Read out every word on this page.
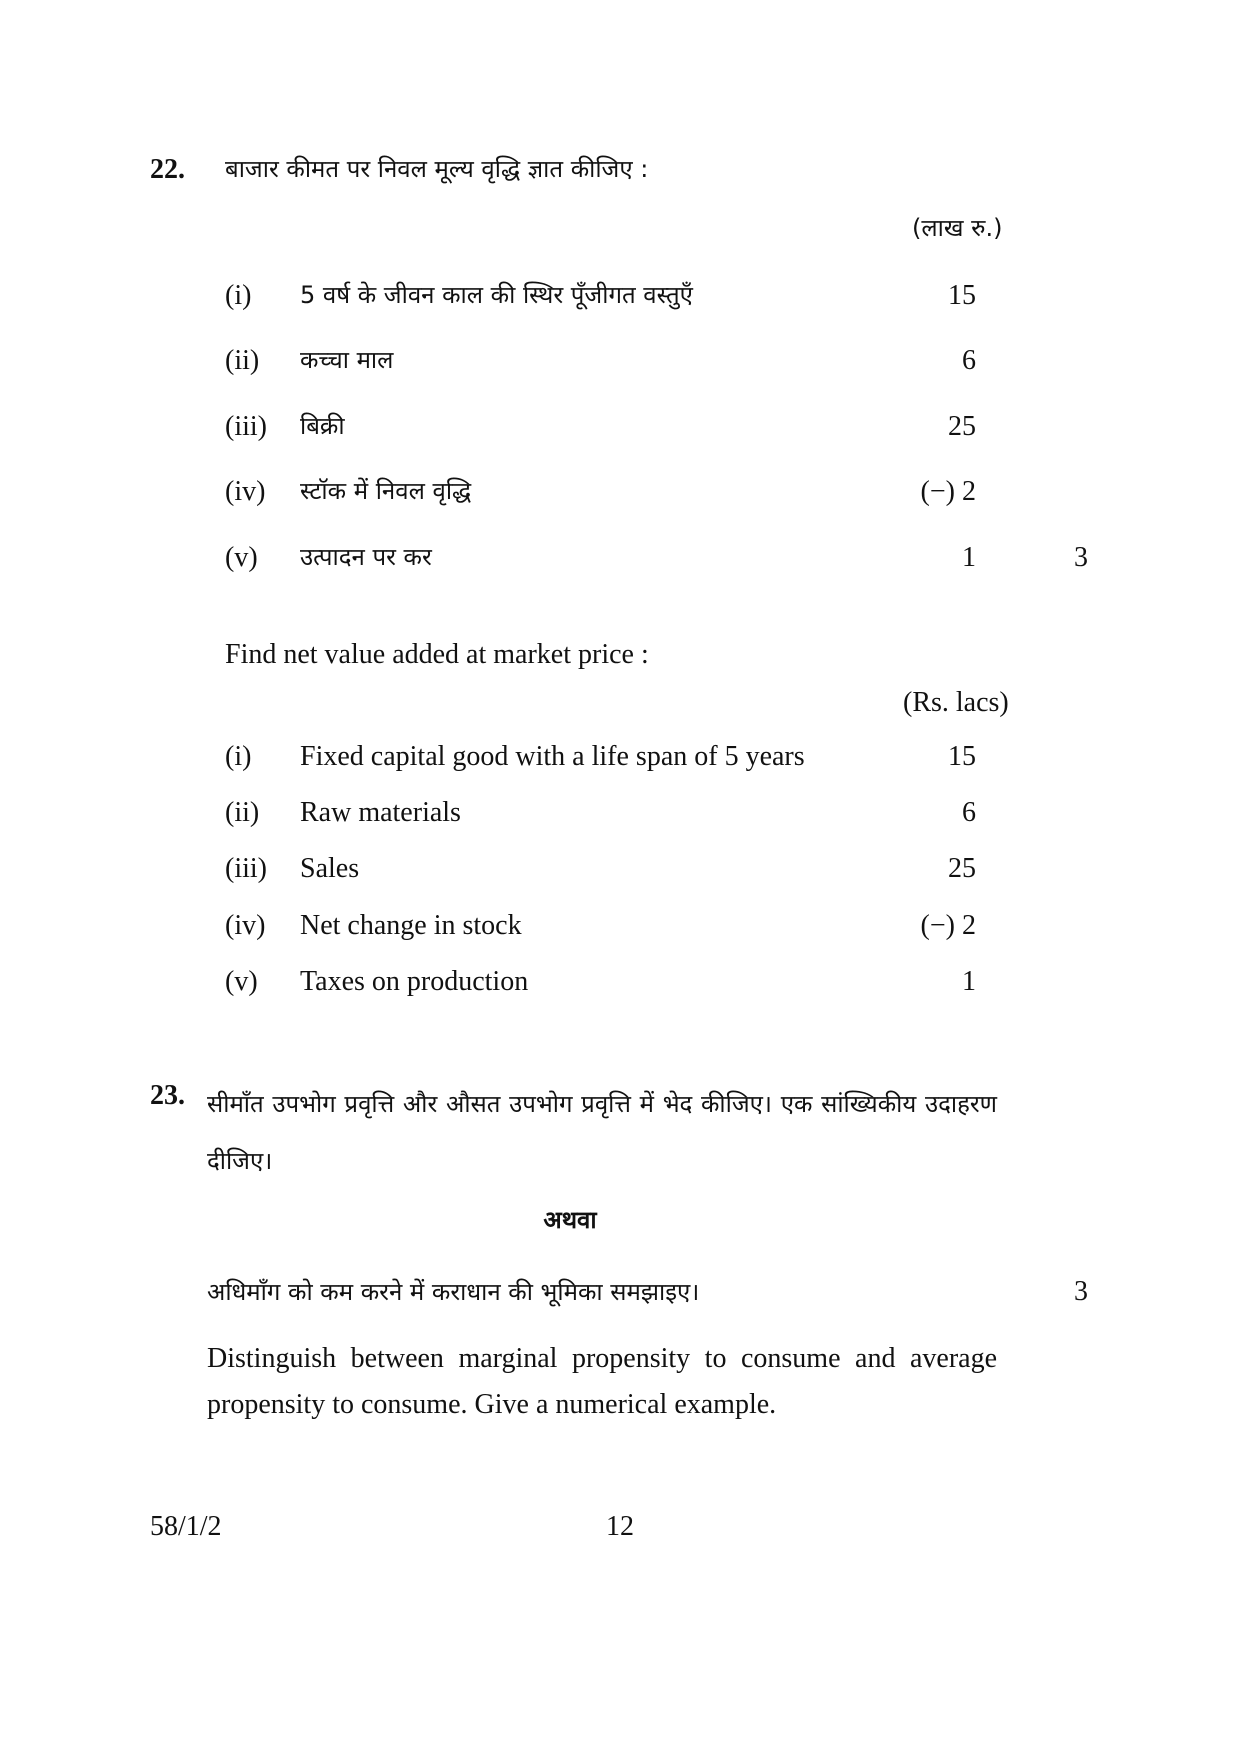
22. बाजार कीमत पर निवल मूल्य वृद्धि ज्ञात कीजिए :
(लाख रु.)
(i) 5 वर्ष के जीवन काल की स्थिर पूँजीगत वस्तुएँ	15
(ii) कच्चा माल	6
(iii) बिक्री	25
(iv) स्टॉक में निवल वृद्धि	(−) 2
(v) उत्पादन पर कर	1	3
Find net value added at market price :
(Rs. lacs)
(i) Fixed capital good with a life span of 5 years	15
(ii) Raw materials	6
(iii) Sales	25
(iv) Net change in stock	(−) 2
(v) Taxes on production	1
23. सीमाँत उपभोग प्रवृत्ति और औसत उपभोग प्रवृत्ति में भेद कीजिए। एक सांख्यिकीय उदाहरण दीजिए।
अथवा
अधिमाँग को कम करने में कराधान की भूमिका समझाइए।	3
Distinguish between marginal propensity to consume and average propensity to consume. Give a numerical example.
58/1/2	12
